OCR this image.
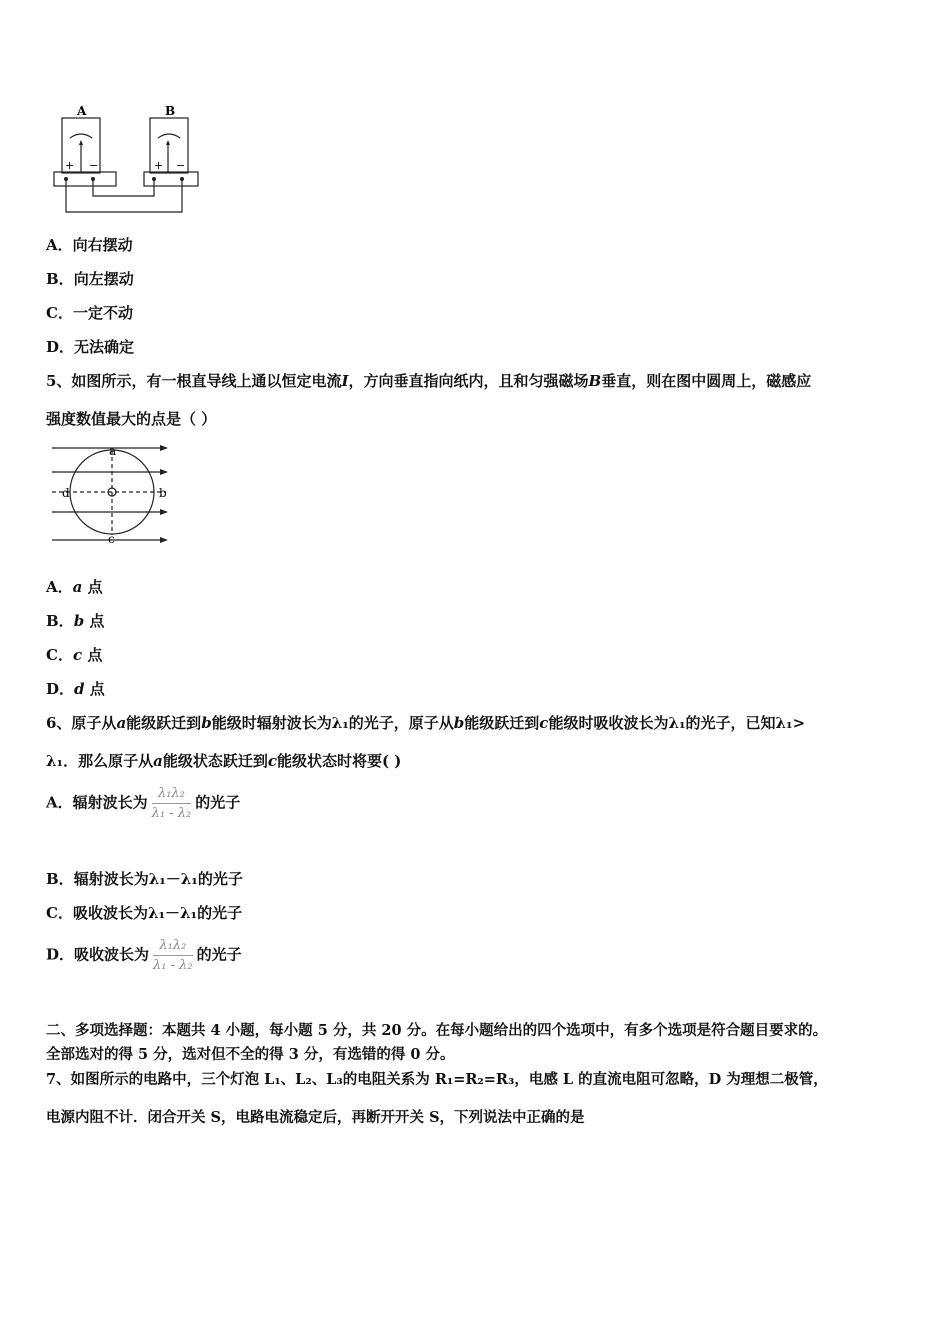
A	B
+ −	+ −
A．向右摆动
B．向左摆动
C．一定不动
D．无法确定
5、如图所示，有一根直导线上通以恒定电流I，方向垂直指向纸内，且和匀强磁场B垂直，则在图中圆周上，磁感应
强度数值最大的点是（ ）
a
b
c
d
A．a 点
B．b 点
C．c 点
D．d 点
6、原子从a能级跃迁到b能级时辐射波长为λ₁的光子，原子从b能级跃迁到c能级时吸收波长为λ₁的光子，已知λ₁>
λ₁．那么原子从a能级状态跃迁到c能级状态时将要( )
A．辐射波长为 $\frac{\text{λ₁λ₂}}{\text{λ₁ - λ₂}}$ 的光子
B．辐射波长为λ₁－λ₁的光子
C．吸收波长为λ₁－λ₁的光子
D．吸收波长为 $\frac{\text{λ₁λ₂}}{\text{λ₁ - λ₂}}$ 的光子
二、多项选择题：本题共 4 小题，每小题 5 分，共 20 分。在每小题给出的四个选项中，有多个选项是符合题目要求的。
全部选对的得 5 分，选对但不全的得 3 分，有选错的得 0 分。
7、如图所示的电路中，三个灯泡 L₁、L₂、L₃的电阻关系为 R₁=R₂=R₃，电感 L 的直流电阻可忽略，D 为理想二极管，
电源内阻不计．闭合开关 S，电路电流稳定后，再断开开关 S，下列说法中正确的是
